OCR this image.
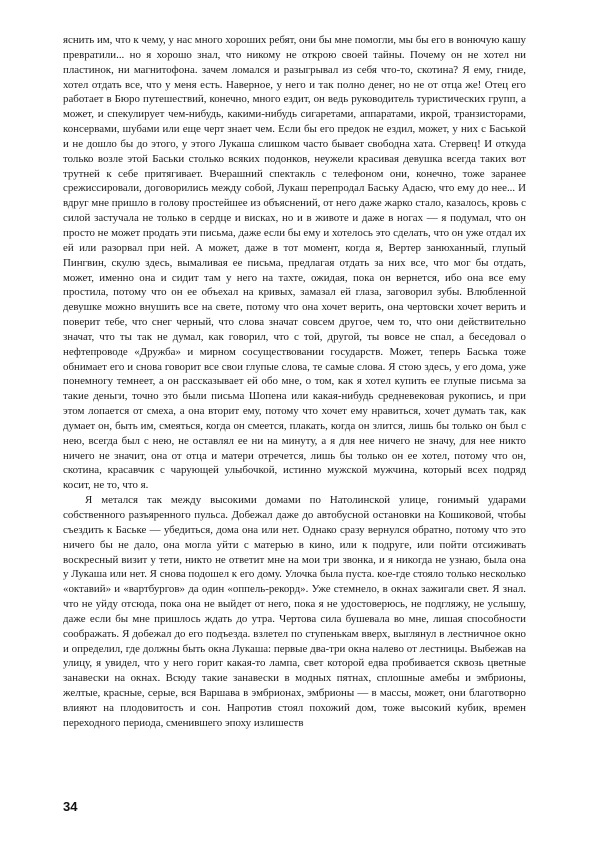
яснить им, что к чему, у нас много хороших ребят, они бы мне помогли, мы бы его в вонючую кашу превратили... но я хорошо знал, что никому не открою своей тайны. Почему он не хотел ни пластинок, ни магнитофона. зачем ломался и разыгрывал из себя что-то, скотина? Я ему, гниде, хотел отдать все, что у меня есть. Наверное, у него и так полно денег, но не от отца же! Отец его работает в Бюро путешествий, конечно, много ездит, он ведь руководитель туристических групп, а может, и спекулирует чем-нибудь, какими-нибудь сигаретами, аппаратами, икрой, транзисторами, консервами, шубами или еще черт знает чем. Если бы его предок не ездил, может, у них с Баськой и не дошло бы до этого, у этого Лукаша слишком часто бывает свободна хата. Стервец! И откуда только возле этой Баськи столько всяких подонков, неужели красивая девушка всегда таких вот трутней к себе притягивает. Вчерашний спектакль с телефоном они, конечно, тоже заранее срежиссировали, договорились между собой, Лукаш перепродал Баську Адасю, что ему до нее... И вдруг мне пришло в голову простейшее из объяснений, от него даже жарко стало, казалось, кровь с силой застучала не только в сердце и висках, но и в животе и даже в ногах — я подумал, что он просто не может продать эти письма, даже если бы ему и хотелось это сделать, что он уже отдал их ей или разорвал при ней. А может, даже в тот момент, когда я, Вертер занюханный, глупый Пингвин, скулю здесь, вымаливая ее письма, предлагая отдать за них все, что мог бы отдать, может, именно она и сидит там у него на тахте, ожидая, пока он вернется, ибо она все ему простила, потому что он ее объехал на кривых, замазал ей глаза, заговорил зубы. Влюбленной девушке можно внушить все на свете, потому что она хочет верить, она чертовски хочет верить и поверит тебе, что снег черный, что слова значат совсем другое, чем то, что они действительно значат, что ты так не думал, как говорил, что с той, другой, ты вовсе не спал, а беседовал о нефтепроводе «Дружба» и мирном сосуществовании государств. Может, теперь Баська тоже обнимает его и снова говорит все свои глупые слова, те самые слова. Я стою здесь, у его дома, уже понемногу темнеет, а он рассказывает ей обо мне, о том, как я хотел купить ее глупые письма за такие деньги, точно это были письма Шопена или какая-нибудь средневековая рукопись, и при этом лопается от смеха, а она вторит ему, потому что хочет ему нравиться, хочет думать так, как думает он, быть им, смеяться, когда он смеется, плакать, когда он злится, лишь бы только он был с нею, всегда был с нею, не оставлял ее ни на минуту, а я для нее ничего не значу, для нее никто ничего не значит, она от отца и матери отречется, лишь бы только он ее хотел, потому что он, скотина, красавчик с чарующей улыбочкой, истинно мужской мужчина, который всех подряд косит, не то, что я.

Я метался так между высокими домами по Натолинской улице, гонимый ударами собственного разъяренного пульса. Добежал даже до автобусной остановки на Кошиковой, чтобы съездить к Баське — убедиться, дома она или нет. Однако сразу вернулся обратно, потому что это ничего бы не дало, она могла уйти с матерью в кино, или к подруге, или пойти отсиживать воскресный визит у тети, никто не ответит мне на мои три звонка, и я никогда не узнаю, была она у Лукаша или нет. Я снова подошел к его дому. Улочка была пуста. кое-где стояло только несколько «октавий» и «вартбургов» да один «оппель-рекорд». Уже стемнело, в окнах зажигали свет. Я знал. что не уйду отсюда, пока она не выйдет от него, пока я не удостоверюсь, не подгляжу, не услышу, даже если бы мне пришлось ждать до утра. Чертова сила бушевала во мне, лишая способности соображать. Я добежал до его подъезда. взлетел по ступенькам вверх, выглянул в лестничное окно и определил, где должны быть окна Лукаша: первые два-три окна налево от лестницы. Выбежав на улицу, я увидел, что у него горит какая-то лампа, свет которой едва пробивается сквозь цветные занавески на окнах. Всюду такие занавески в модных пятнах, сплошные амебы и эмбрионы, желтые, красные, серые, вся Варшава в эмбрионах, эмбрионы — в массы, может, они благотворно влияют на плодовитость и сон. Напротив стоял похожий дом, тоже высокий кубик, времен переходного периода, сменившего эпоху излишеств

34
